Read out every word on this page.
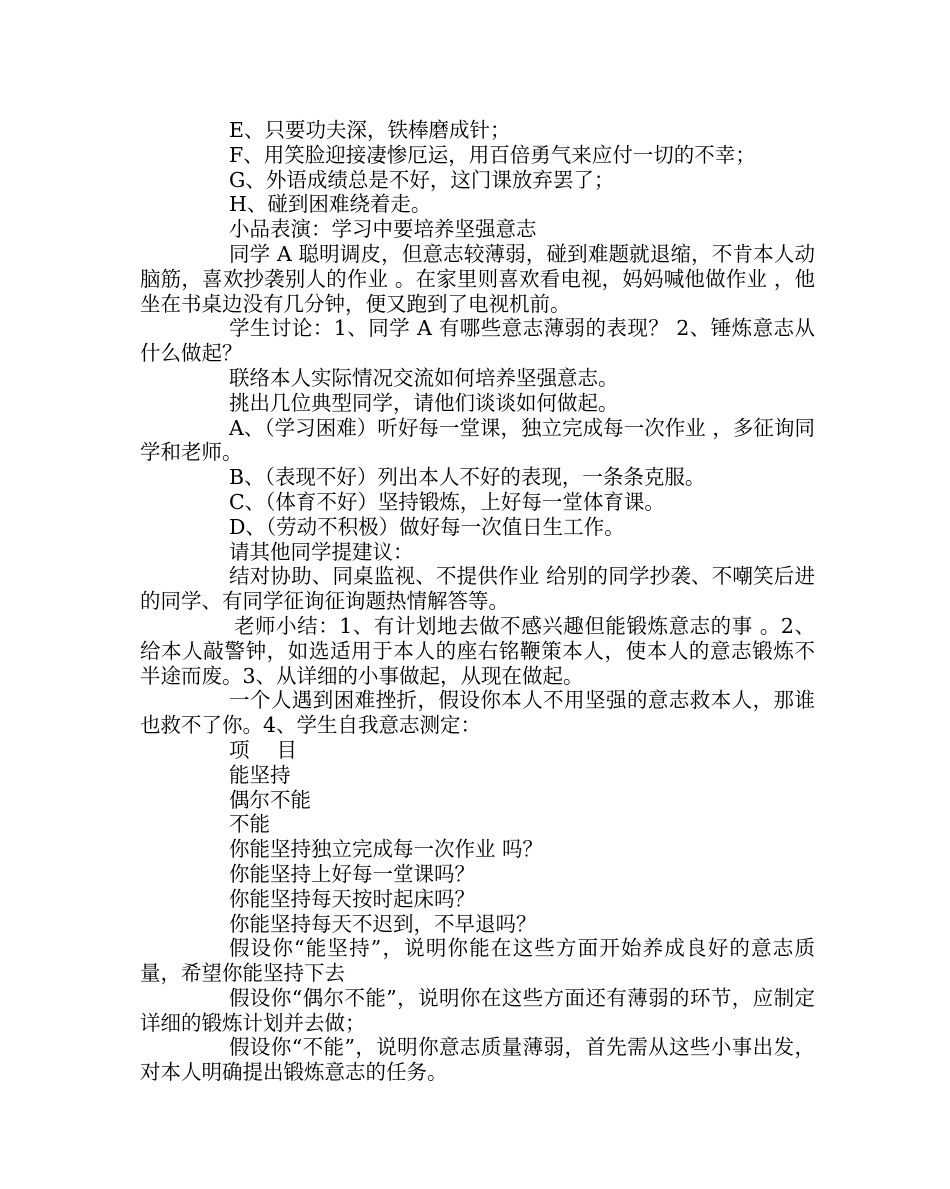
E、只要功夫深，铁棒磨成针；

F、用笑脸迎接凄惨厄运，用百倍勇气来应付一切的不幸；

G、外语成绩总是不好，这门课放弃罢了；

H、碰到困难绕着走。

小品表演：学习中要培养坚强意志

同学 A 聪明调皮，但意志较薄弱，碰到难题就退缩，不肯本人动脑筋，喜欢抄袭别人的作业 。在家里则喜欢看电视，妈妈喊他做作业 ，他坐在书桌边没有几分钟，便又跑到了电视机前。

学生讨论：1、同学 A 有哪些意志薄弱的表现？ 2、锤炼意志从什么做起？

联络本人实际情况交流如何培养坚强意志。

挑出几位典型同学，请他们谈谈如何做起。

A、（学习困难）听好每一堂课，独立完成每一次作业 ，多征询同学和老师。

B、（表现不好）列出本人不好的表现，一条条克服。

C、（体育不好）坚持锻炼，上好每一堂体育课。

D、（劳动不积极）做好每一次值日生工作。

请其他同学提建议：

结对协助、同桌监视、不提供作业 给别的同学抄袭、不嘲笑后进的同学、有同学征询征询题热情解答等。

老师小结：1、有计划地去做不感兴趣但能锻炼意志的事 。2、给本人敲警钟，如选适用于本人的座右铭鞭策本人，使本人的意志锻炼不半途而废。3、从详细的小事做起，从现在做起。

一个人遇到困难挫折，假设你本人不用坚强的意志救本人，那谁也救不了你。4、学生自我意志测定：

项　 目

能坚持

偶尔不能

不能

你能坚持独立完成每一次作业 吗？

你能坚持上好每一堂课吗？

你能坚持每天按时起床吗？

你能坚持每天不迟到，不早退吗？

假设你“能坚持”，说明你能在这些方面开始养成良好的意志质量，希望你能坚持下去

假设你“偶尔不能”，说明你在这些方面还有薄弱的环节，应制定详细的锻炼计划并去做；

假设你“不能”，说明你意志质量薄弱，首先需从这些小事出发，对本人明确提出锻炼意志的任务。
